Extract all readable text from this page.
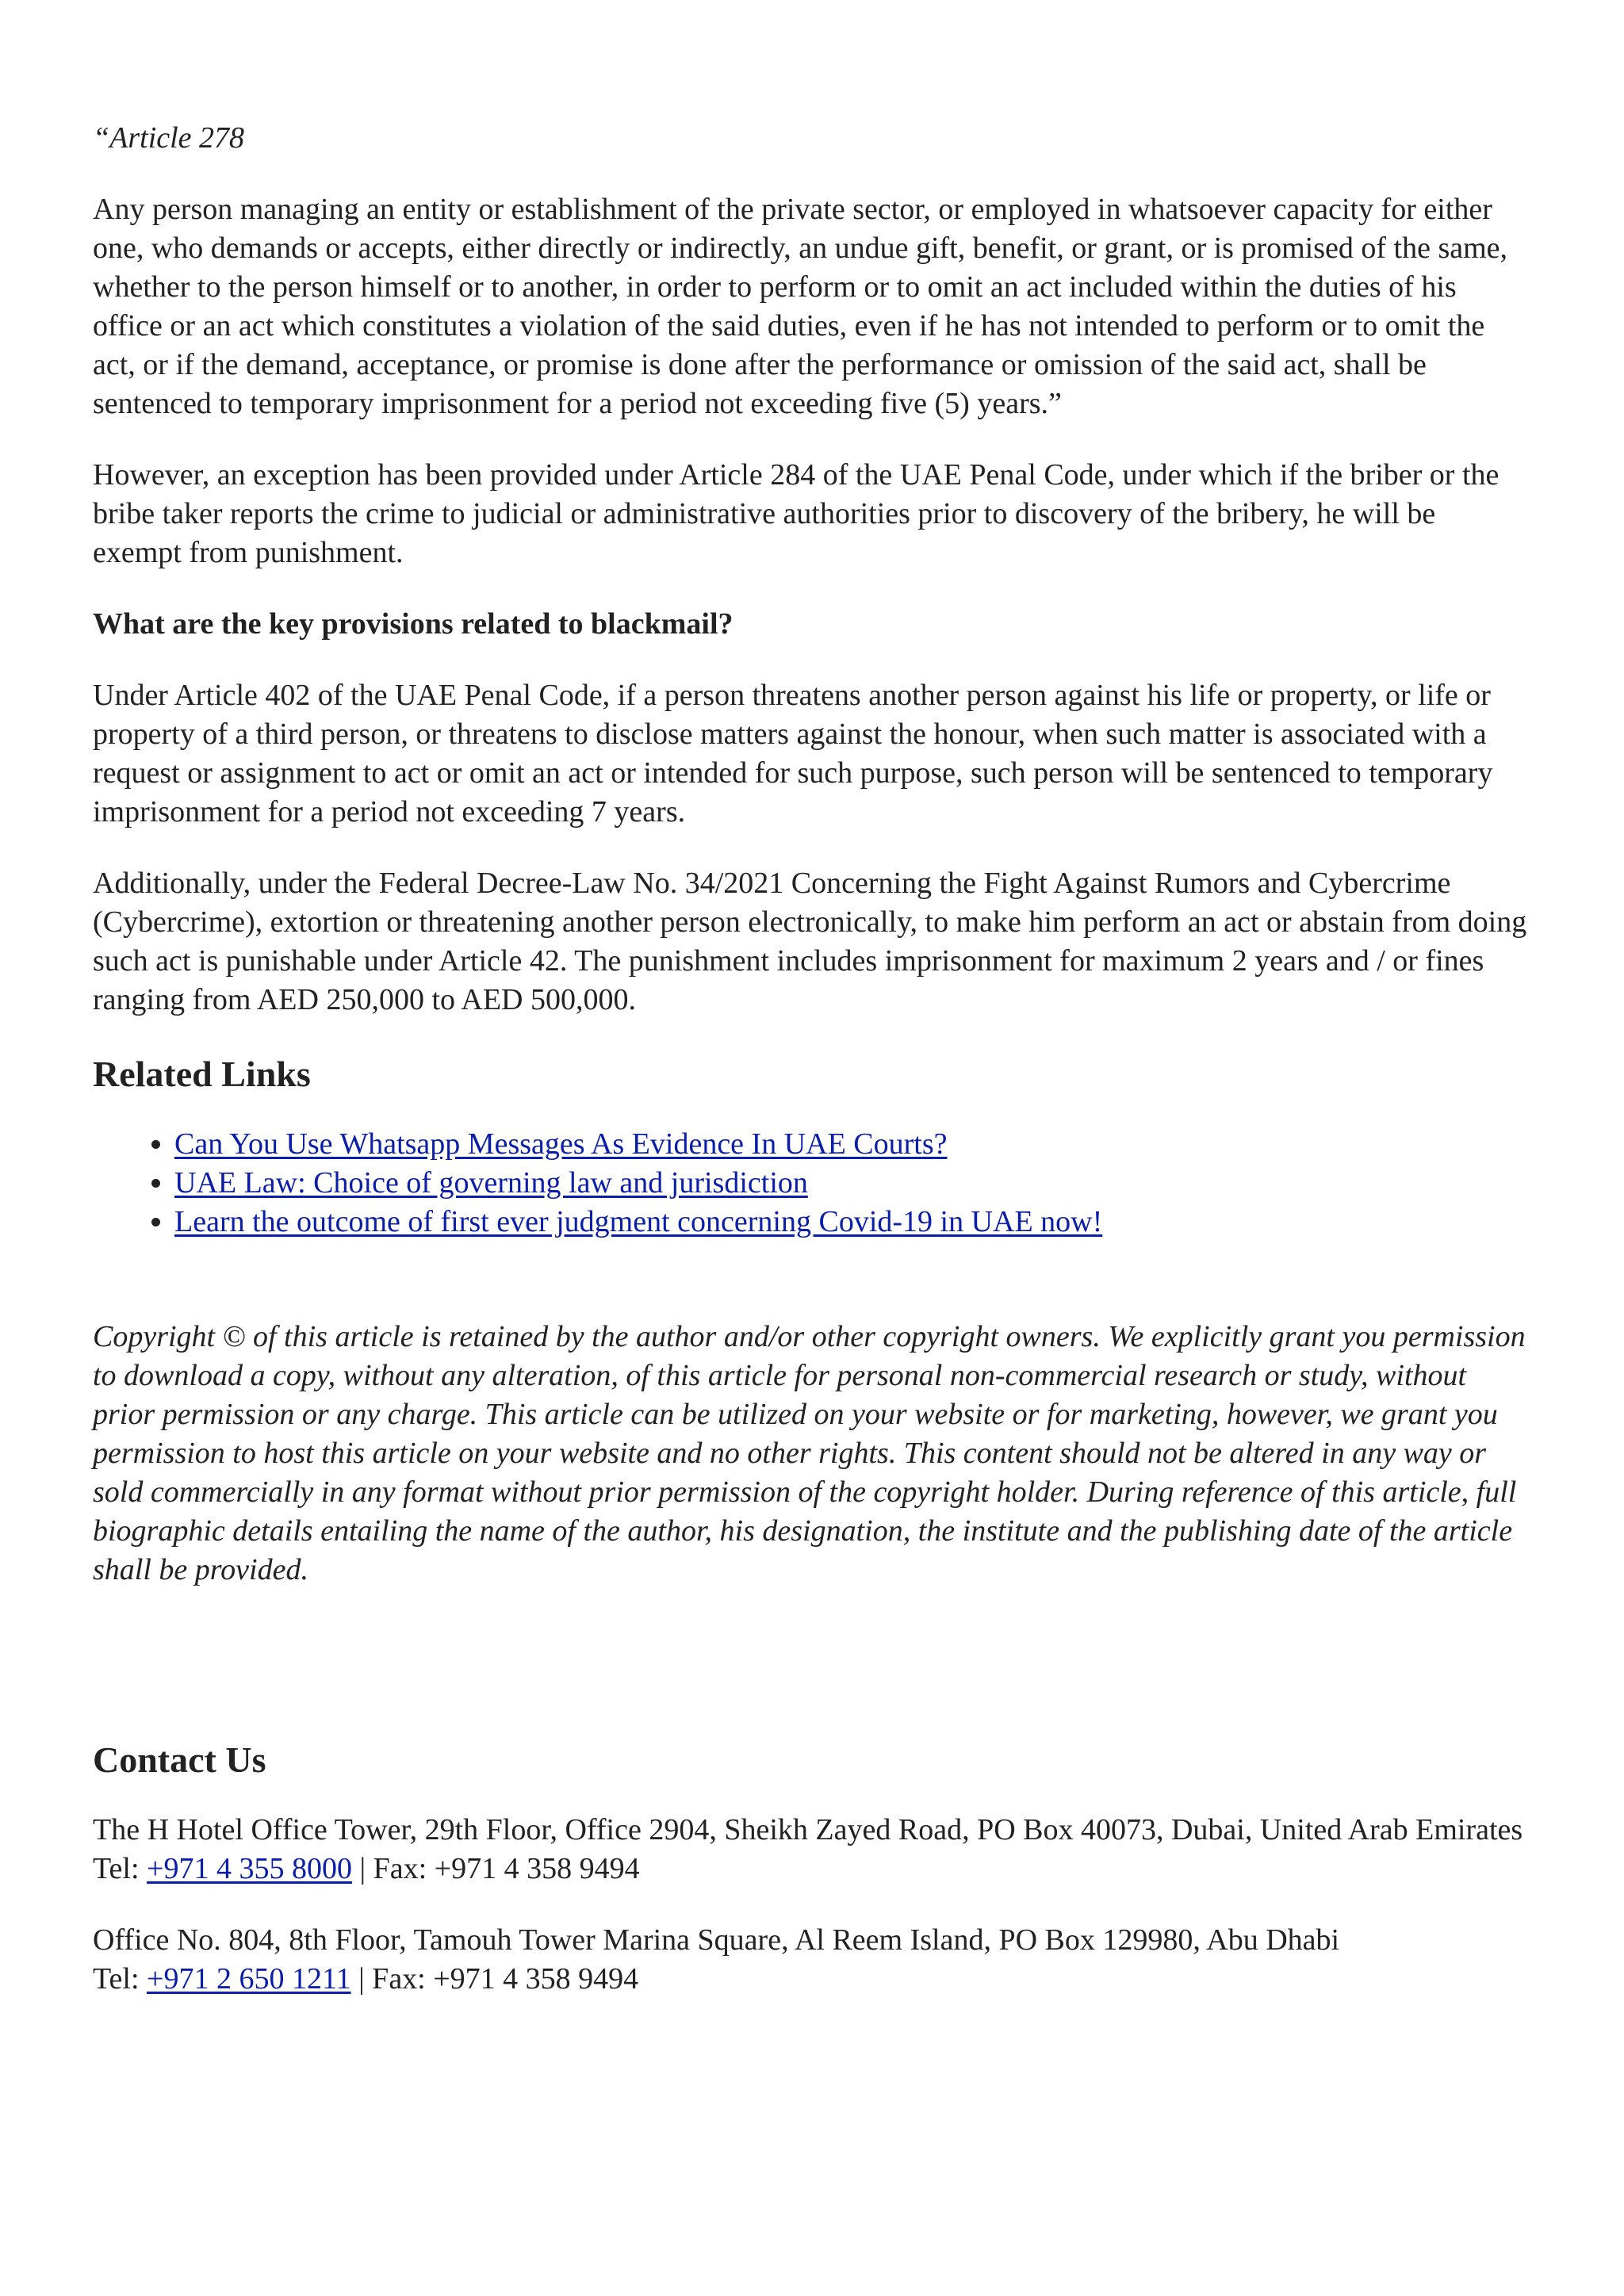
“Article 278

Any person managing an entity or establishment of the private sector, or employed in whatsoever capacity for either one, who demands or accepts, either directly or indirectly, an undue gift, benefit, or grant, or is promised of the same, whether to the person himself or to another, in order to perform or to omit an act included within the duties of his office or an act which constitutes a violation of the said duties, even if he has not intended to perform or to omit the act, or if the demand, acceptance, or promise is done after the performance or omission of the said act, shall be sentenced to temporary imprisonment for a period not exceeding five (5) years.”

However, an exception has been provided under Article 284 of the UAE Penal Code, under which if the briber or the bribe taker reports the crime to judicial or administrative authorities prior to discovery of the bribery, he will be exempt from punishment.

What are the key provisions related to blackmail?

Under Article 402 of the UAE Penal Code, if a person threatens another person against his life or property, or life or property of a third person, or threatens to disclose matters against the honour, when such matter is associated with a request or assignment to act or omit an act or intended for such purpose, such person will be sentenced to temporary imprisonment for a period not exceeding 7 years.

Additionally, under the Federal Decree-Law No. 34/2021 Concerning the Fight Against Rumors and Cybercrime (Cybercrime), extortion or threatening another person electronically, to make him perform an act or abstain from doing such act is punishable under Article 42. The punishment includes imprisonment for maximum 2 years and / or fines ranging from AED 250,000 to AED 500,000.

Related Links
• Can You Use Whatsapp Messages As Evidence In UAE Courts?
• UAE Law: Choice of governing law and jurisdiction
• Learn the outcome of first ever judgment concerning Covid-19 in UAE now!

Copyright © of this article is retained by the author and/or other copyright owners. We explicitly grant you permission to download a copy, without any alteration, of this article for personal non-commercial research or study, without prior permission or any charge. This article can be utilized on your website or for marketing, however, we grant you permission to host this article on your website and no other rights. This content should not be altered in any way or sold commercially in any format without prior permission of the copyright holder. During reference of this article, full biographic details entailing the name of the author, his designation, the institute and the publishing date of the article shall be provided.

Contact Us

The H Hotel Office Tower, 29th Floor, Office 2904, Sheikh Zayed Road, PO Box 40073, Dubai, United Arab Emirates
Tel: +971 4 355 8000 | Fax: +971 4 358 9494

Office No. 804, 8th Floor, Tamouh Tower Marina Square, Al Reem Island, PO Box 129980, Abu Dhabi
Tel: +971 2 650 1211 | Fax: +971 4 358 9494
